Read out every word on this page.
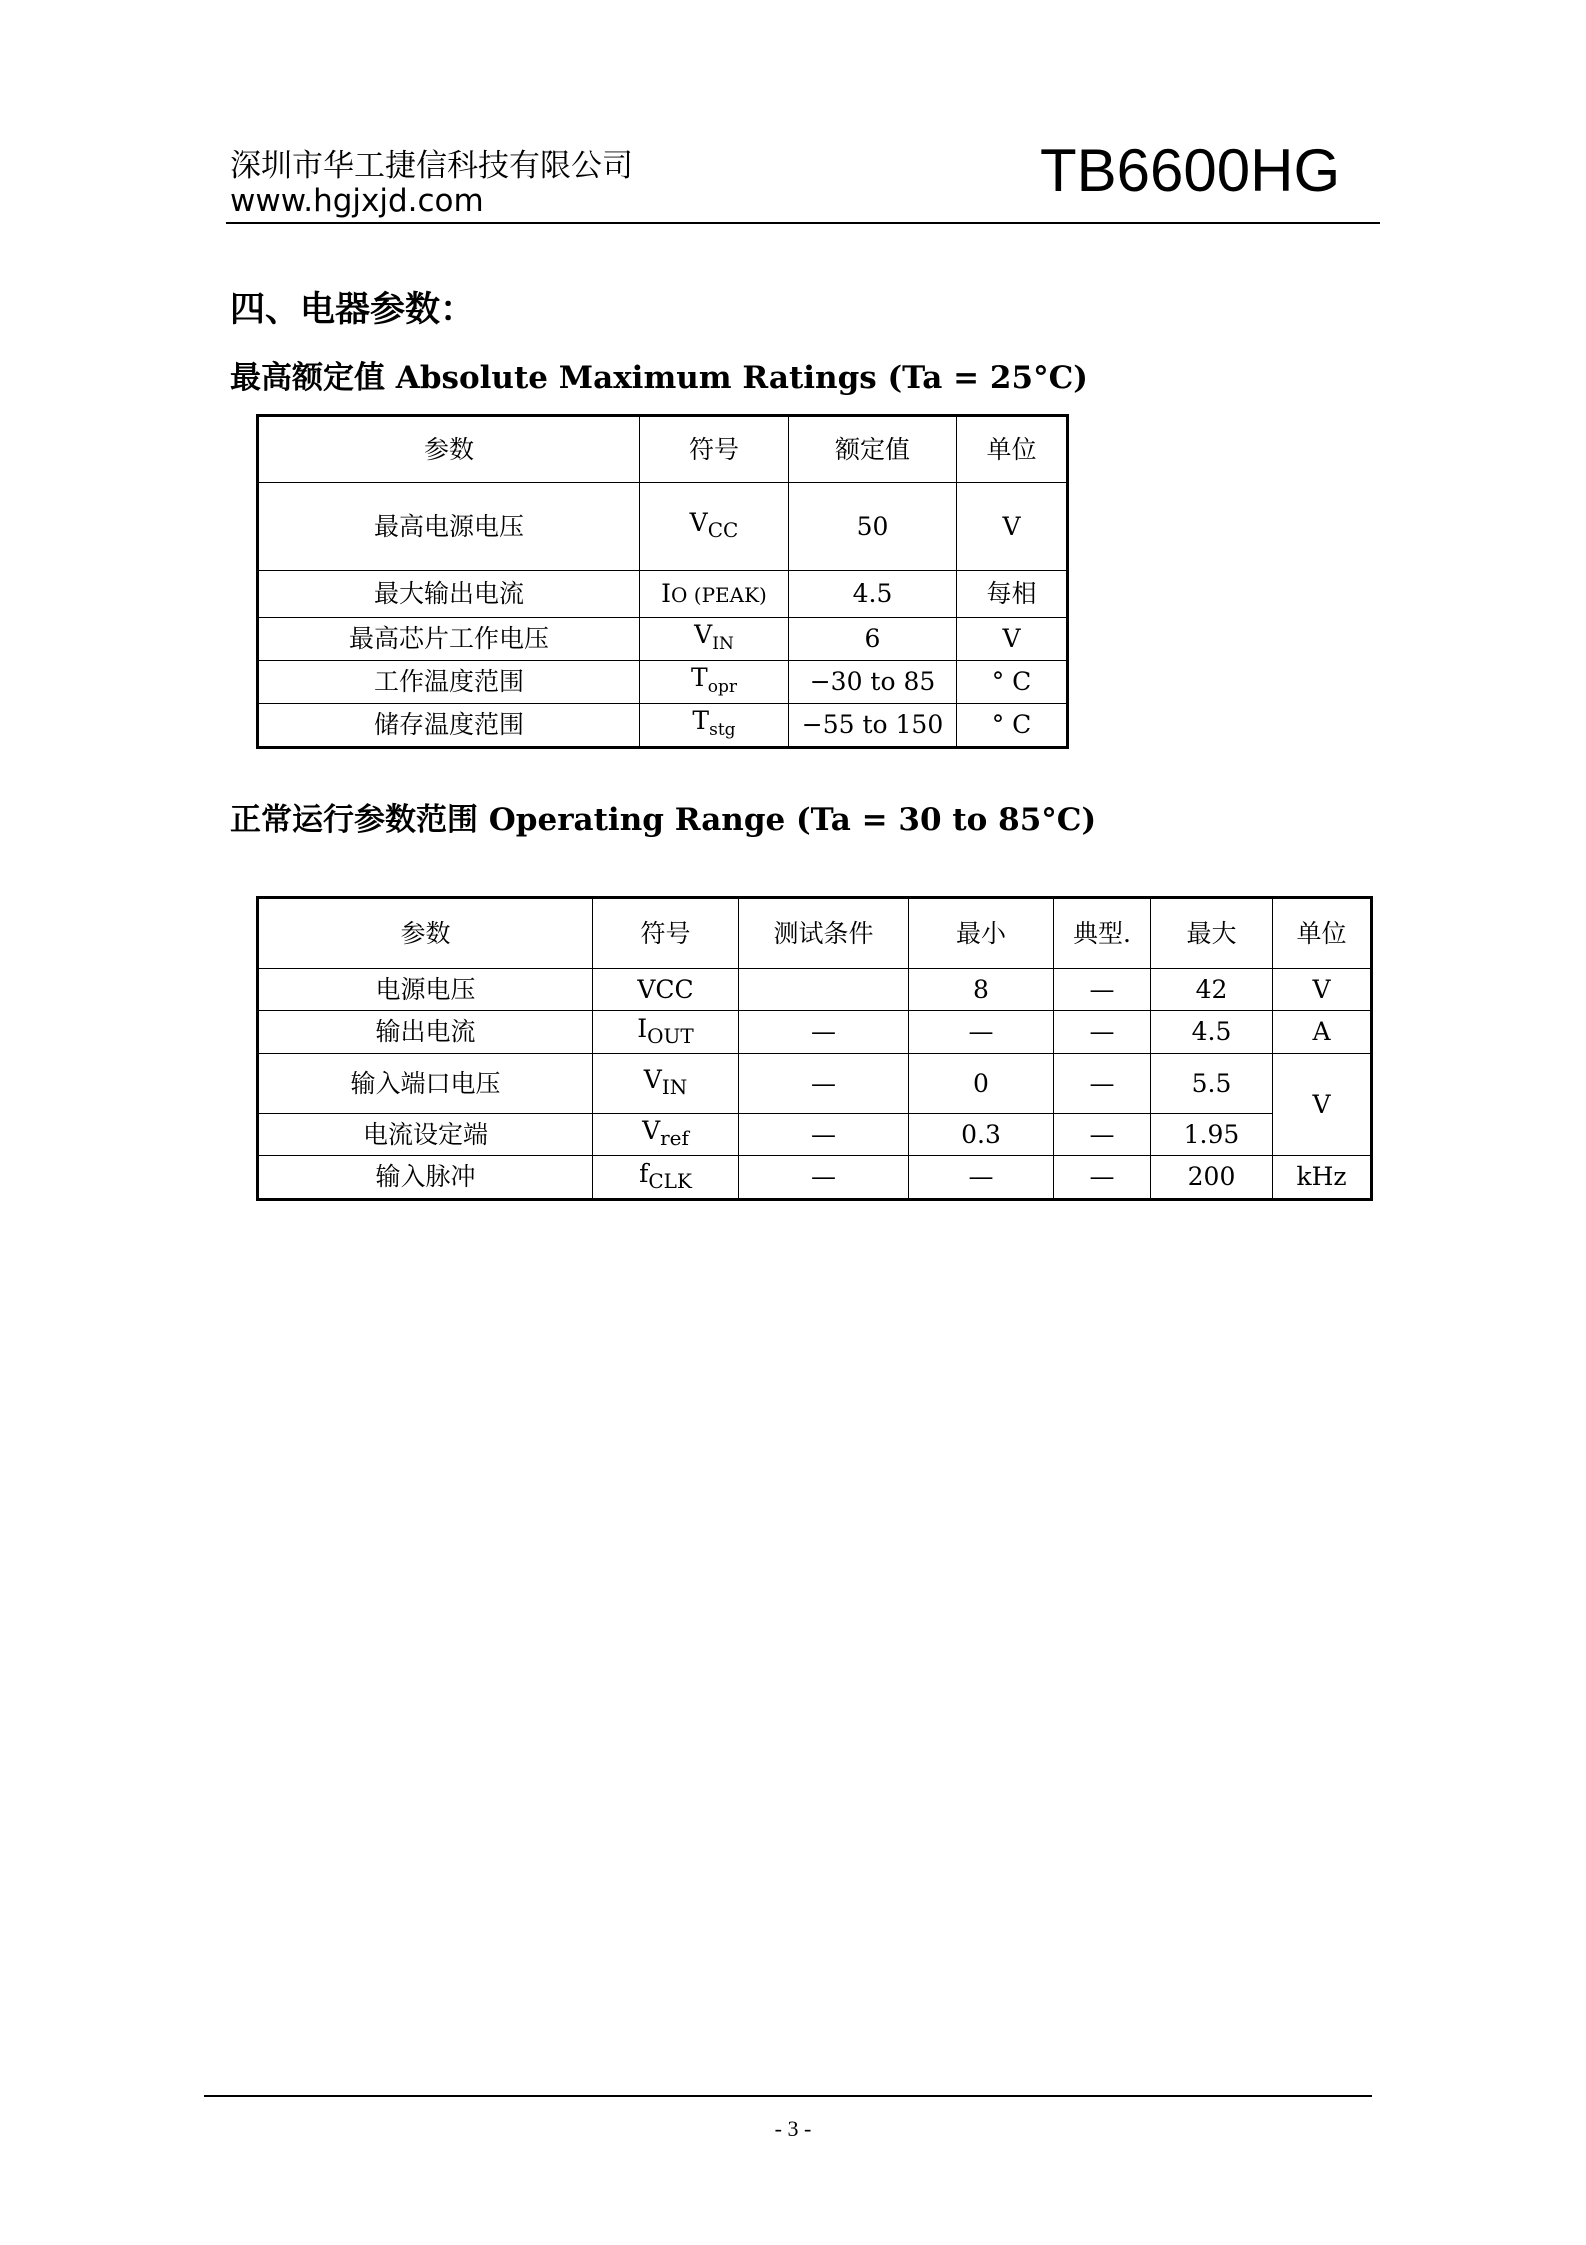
深圳市华工捷信科技有限公司
www.hgjxjd.com	TB6600HG
四、电器参数：
最高额定值 Absolute Maximum Ratings (Ta = 25°C)
参数	符号	额定值	单位
最高电源电压	$V_{CC}$	50	V
最大输出电流	IO (PEAK)	4.5	每相
最高芯片工作电压	$V_{IN}$	6	V
工作温度范围	$T_{opr}$	−30 to 85	° C
储存温度范围	$T_{stg}$	−55 to 150	° C
正常运行参数范围 Operating Range (Ta = 30 to 85°C)
参数	符号	测试条件	最小	典型.	最大	单位
电源电压	VCC		8	—	42	V
输出电流	$I_{OUT}$	—	—	—	4.5	A
输入端口电压	$V_{IN}$	—	0	—	5.5	V
电流设定端	$V_{ref}$	—	0.3	—	1.95	
输入脉冲	$f_{CLK}$	—	—	—	200	kHz
- 3 -
